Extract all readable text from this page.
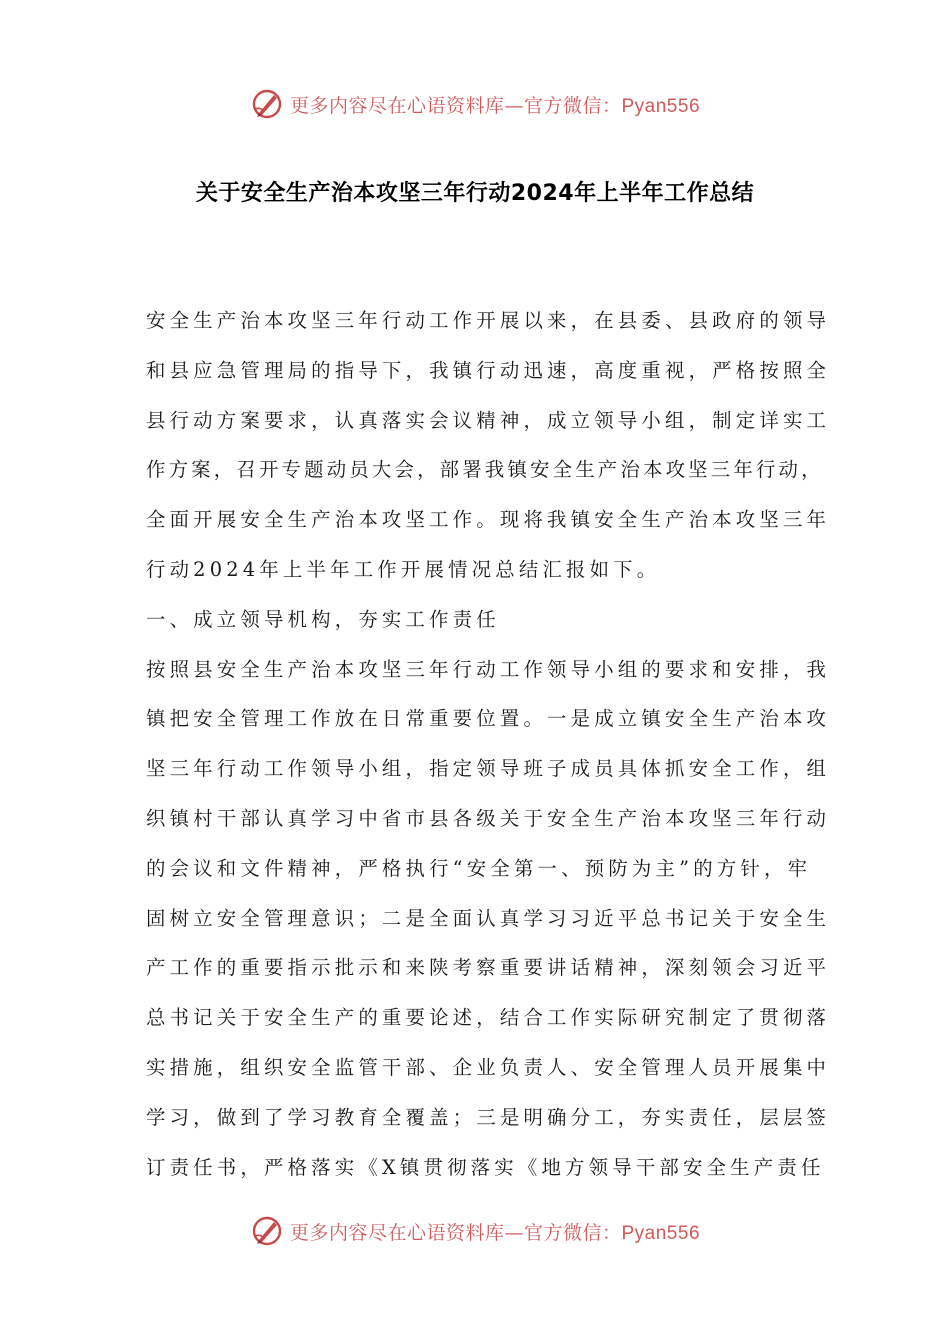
更多内容尽在心语资料库—官方微信：Pyan556
关于安全生产治本攻坚三年行动2024年上半年工作总结
安全生产治本攻坚三年行动工作开展以来，在县委、县政府的领导
和县应急管理局的指导下，我镇行动迅速，高度重视，严格按照全
县行动方案要求，认真落实会议精神，成立领导小组，制定详实工
作方案，召开专题动员大会，部署我镇安全生产治本攻坚三年行动，
全面开展安全生产治本攻坚工作。现将我镇安全生产治本攻坚三年
行动2024年上半年工作开展情况总结汇报如下。
一、成立领导机构，夯实工作责任
按照县安全生产治本攻坚三年行动工作领导小组的要求和安排，我
镇把安全管理工作放在日常重要位置。一是成立镇安全生产治本攻
坚三年行动工作领导小组，指定领导班子成员具体抓安全工作，组
织镇村干部认真学习中省市县各级关于安全生产治本攻坚三年行动
的会议和文件精神，严格执行“安全第一、预防为主”的方针，牢
固树立安全管理意识；二是全面认真学习习近平总书记关于安全生
产工作的重要指示批示和来陕考察重要讲话精神，深刻领会习近平
总书记关于安全生产的重要论述，结合工作实际研究制定了贯彻落
实措施，组织安全监管干部、企业负责人、安全管理人员开展集中
学习，做到了学习教育全覆盖；三是明确分工，夯实责任，层层签
订责任书，严格落实《X镇贯彻落实《地方领导干部安全生产责任
更多内容尽在心语资料库—官方微信：Pyan556
